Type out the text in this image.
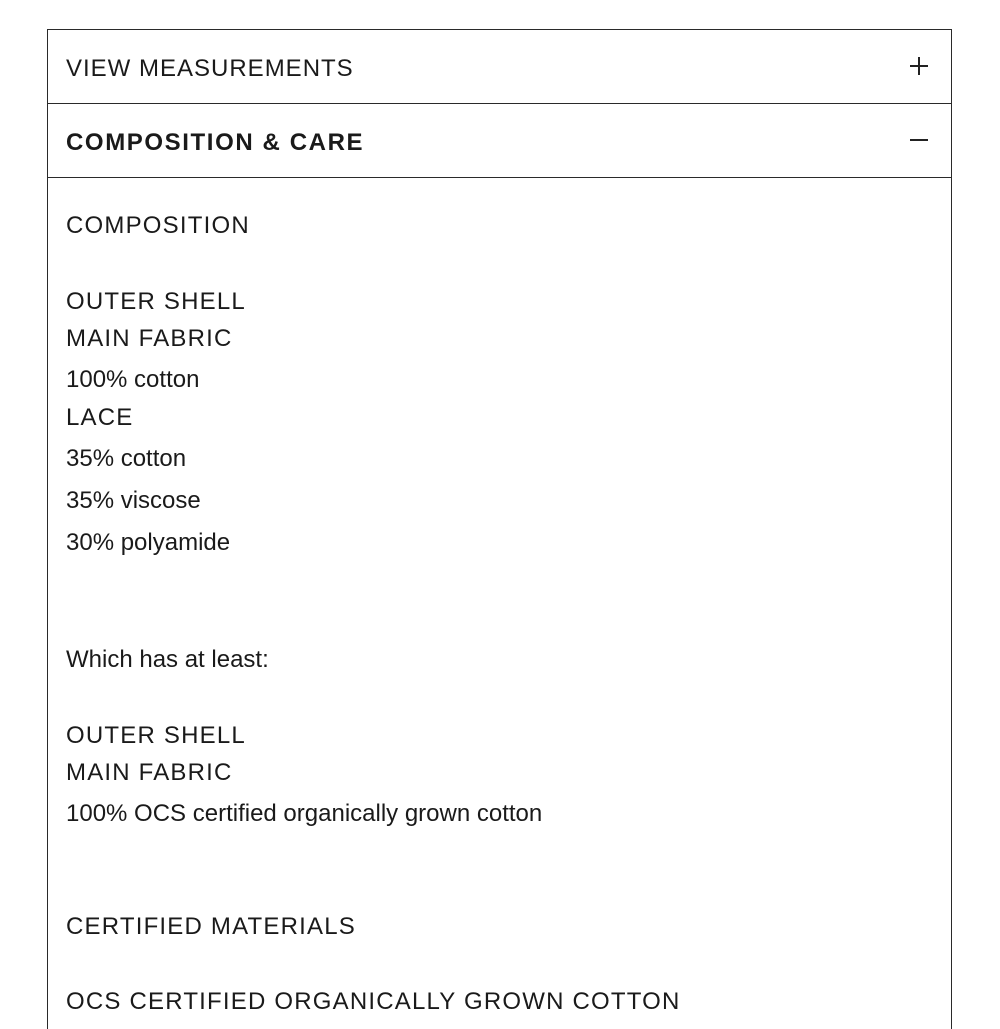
VIEW MEASUREMENTS
COMPOSITION & CARE
COMPOSITION
OUTER SHELL
MAIN FABRIC
100% cotton
LACE
35% cotton
35% viscose
30% polyamide
Which has at least:
OUTER SHELL
MAIN FABRIC
100% OCS certified organically grown cotton
CERTIFIED MATERIALS
OCS CERTIFIED ORGANICALLY GROWN COTTON
